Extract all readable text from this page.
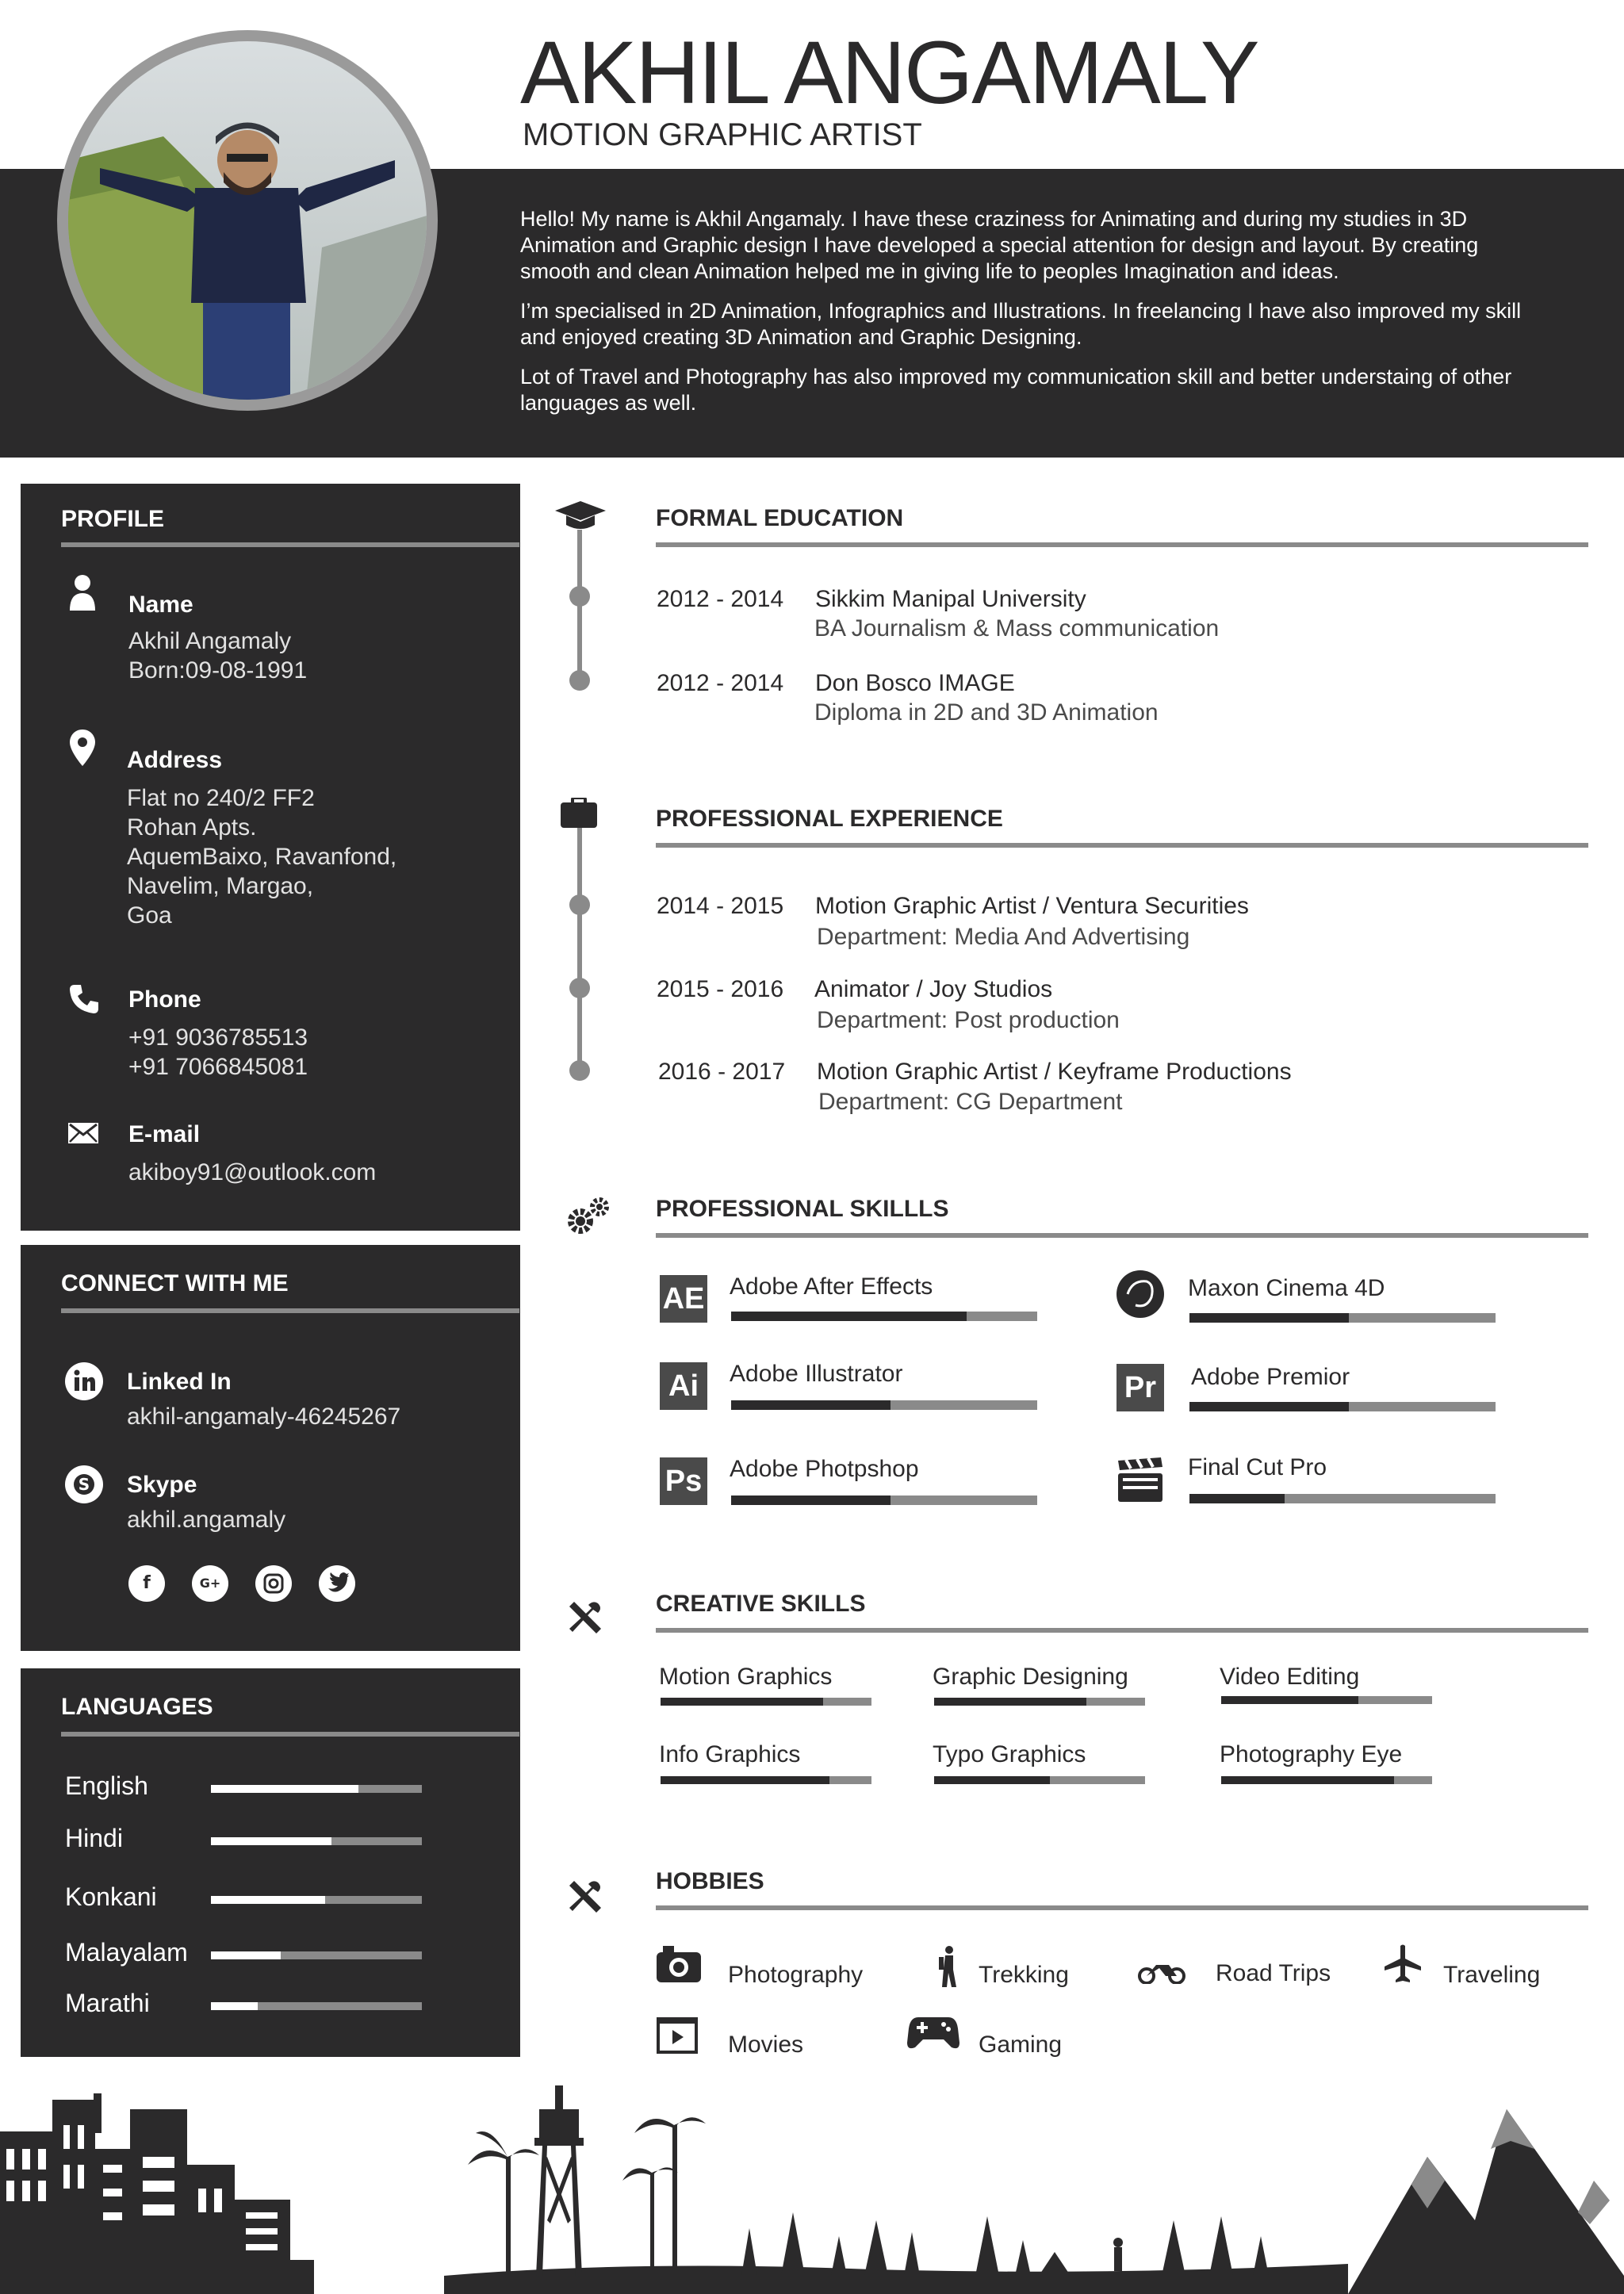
AKHIL ANGAMALY
MOTION GRAPHIC ARTIST

Hello! My name is Akhil Angamaly. I have these craziness for Animating and during my studies in 3D Animation and Graphic design I have developed a special attention for design and layout. By creating smooth and clean Animation helped me in giving life to peoples Imagination and ideas.

I’m specialised in 2D Animation, Infographics and Illustrations. In freelancing I have also improved my skill and enjoyed creating 3D Animation and Graphic Designing.

Lot of Travel and Photography has also improved my communication skill and better understaing of other languages as well.

PROFILE
Name
Akhil Angamaly
Born:09-08-1991
Address
Flat no 240/2 FF2
Rohan Apts.
AquemBaixo, Ravanfond,
Navelim, Margao,
Goa
Phone
+91 9036785513
+91 7066845081
E-mail
akiboy91@outlook.com
CONNECT WITH ME
Linked In
akhil-angamaly-46245267
S Skype
akhil.angamaly
f	G+
LANGUAGES
English
Hindi
Konkani
Malayalam
Marathi
FORMAL EDUCATION
2012 - 2014 Sikkim Manipal University
BA Journalism & Mass communication
2012 - 2014 Don Bosco IMAGE
Diploma in 2D and 3D Animation
PROFESSIONAL EXPERIENCE
2014 - 2015 Motion Graphic Artist / Ventura Securities
Department: Media And Advertising
2015 - 2016 Animator / Joy Studios
Department: Post production
2016 - 2017 Motion Graphic Artist / Keyframe Productions
Department: CG Department
PROFESSIONAL SKILLLS
AE Adobe After Effects	Maxon Cinema 4D
Ai	Adobe Illustrator	Pr	Adobe Premior
Ps Adobe Photpshop	Final Cut Pro
CREATIVE SKILLS
Motion Graphics	Graphic Designing	Video Editing
Info Graphics	Typo Graphics	Photography Eye
HOBBIES
Photography	Trekking	Road Trips	Traveling
Movies	Gaming
